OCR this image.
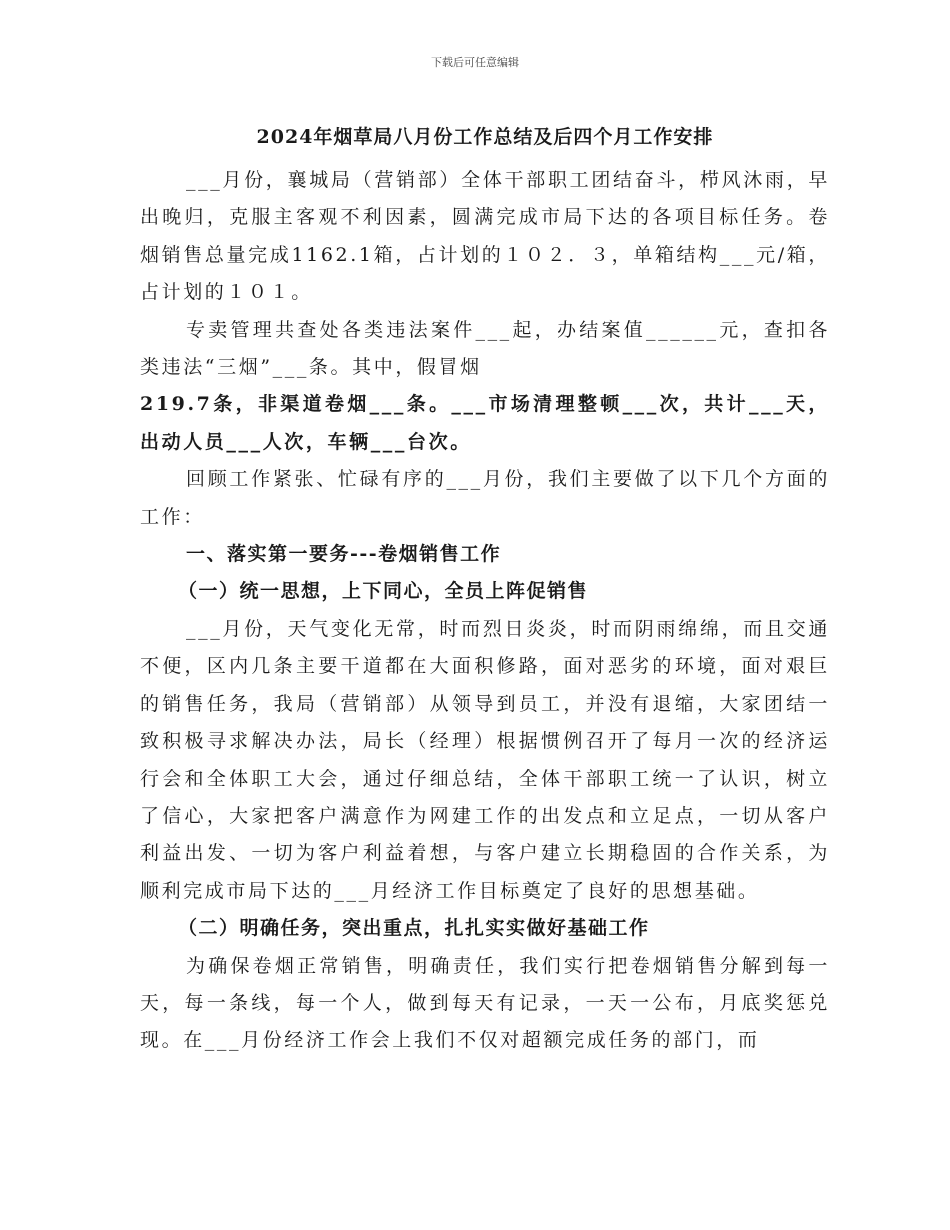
下载后可任意编辑
2024年烟草局八月份工作总结及后四个月工作安排

___月份，襄城局（营销部）全体干部职工团结奋斗，栉风沐雨，早出晚归，克服主客观不利因素，圆满完成市局下达的各项目标任务。卷烟销售总量完成1162.1箱，占计划的１０２．３，单箱结构___元/箱，占计划的１０１。

专卖管理共查处各类违法案件___起，办结案值______元，查扣各类违法“三烟”___条。其中，假冒烟

219.7条，非渠道卷烟___条。___市场清理整顿___次，共计___天，出动人员___人次，车辆___台次。

回顾工作紧张、忙碌有序的___月份，我们主要做了以下几个方面的工作：

一、落实第一要务---卷烟销售工作

（一）统一思想，上下同心，全员上阵促销售

___月份，天气变化无常，时而烈日炎炎，时而阴雨绵绵，而且交通不便，区内几条主要干道都在大面积修路，面对恶劣的环境，面对艰巨的销售任务，我局（营销部）从领导到员工，并没有退缩，大家团结一致积极寻求解决办法，局长（经理）根据惯例召开了每月一次的经济运行会和全体职工大会，通过仔细总结，全体干部职工统一了认识，树立了信心，大家把客户满意作为网建工作的出发点和立足点，一切从客户利益出发、一切为客户利益着想，与客户建立长期稳固的合作关系，为顺利完成市局下达的___月经济工作目标奠定了良好的思想基础。

（二）明确任务，突出重点，扎扎实实做好基础工作

为确保卷烟正常销售，明确责任，我们实行把卷烟销售分解到每一天，每一条线，每一个人，做到每天有记录，一天一公布，月底奖惩兑现。在___月份经济工作会上我们不仅对超额完成任务的部门，而
